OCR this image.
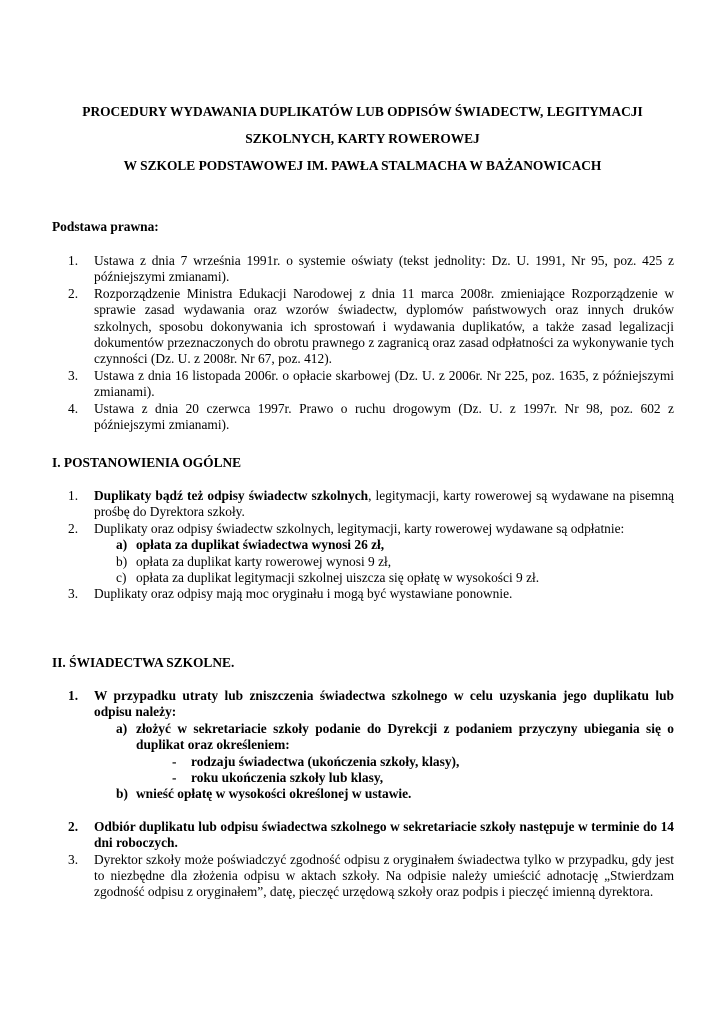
PROCEDURY WYDAWANIA DUPLIKATÓW LUB ODPISÓW ŚWIADECTW, LEGITYMACJI
SZKOLNYCH, KARTY ROWEROWEJ
W SZKOLE PODSTAWOWEJ IM. PAWŁA STALMACHA W BAŻANOWICACH
Podstawa prawna:
1. Ustawa z dnia 7 września 1991r. o systemie oświaty (tekst jednolity: Dz. U. 1991, Nr 95, poz. 425 z późniejszymi zmianami).
2. Rozporządzenie Ministra Edukacji Narodowej z dnia 11 marca 2008r. zmieniające Rozporządzenie w sprawie zasad wydawania oraz wzorów świadectw, dyplomów państwowych oraz innych druków szkolnych, sposobu dokonywania ich sprostowań i wydawania duplikatów, a także zasad legalizacji dokumentów przeznaczonych do obrotu prawnego z zagranicą oraz zasad odpłatności za wykonywanie tych czynności (Dz. U. z 2008r. Nr 67, poz. 412).
3. Ustawa z dnia 16 listopada 2006r. o opłacie skarbowej (Dz. U. z 2006r. Nr 225, poz. 1635, z późniejszymi zmianami).
4. Ustawa z dnia 20 czerwca 1997r. Prawo o ruchu drogowym (Dz. U. z 1997r. Nr 98, poz. 602 z późniejszymi zmianami).
I. POSTANOWIENIA OGÓLNE
1. Duplikaty bądź też odpisy świadectw szkolnych, legitymacji, karty rowerowej są wydawane na pisemną prośbę do Dyrektora szkoły.
2. Duplikaty oraz odpisy świadectw szkolnych, legitymacji, karty rowerowej wydawane są odpłatnie:
a) opłata za duplikat świadectwa wynosi 26 zł,
b) opłata za duplikat karty rowerowej wynosi 9 zł,
c) opłata za duplikat legitymacji szkolnej uiszcza się opłatę w wysokości 9 zł.
3. Duplikaty oraz odpisy mają moc oryginału i mogą być wystawiane ponownie.
II. ŚWIADECTWA SZKOLNE.
1. W przypadku utraty lub zniszczenia świadectwa szkolnego w celu uzyskania jego duplikatu lub odpisu należy:
a) złożyć w sekretariacie szkoły podanie do Dyrekcji z podaniem przyczyny ubiegania się o duplikat oraz określeniem:
- rodzaju świadectwa (ukończenia szkoły, klasy),
- roku ukończenia szkoły lub klasy,
b) wnieść opłatę w wysokości określonej w ustawie.
2. Odbiór duplikatu lub odpisu świadectwa szkolnego w sekretariacie szkoły następuje w terminie do 14 dni roboczych.
3. Dyrektor szkoły może poświadczyć zgodność odpisu z oryginałem świadectwa tylko w przypadku, gdy jest to niezbędne dla złożenia odpisu w aktach szkoły. Na odpisie należy umieścić adnotację „Stwierdzam zgodność odpisu z oryginałem”, datę, pieczęć urzędową szkoły oraz podpis i pieczęć imienną dyrektora.
